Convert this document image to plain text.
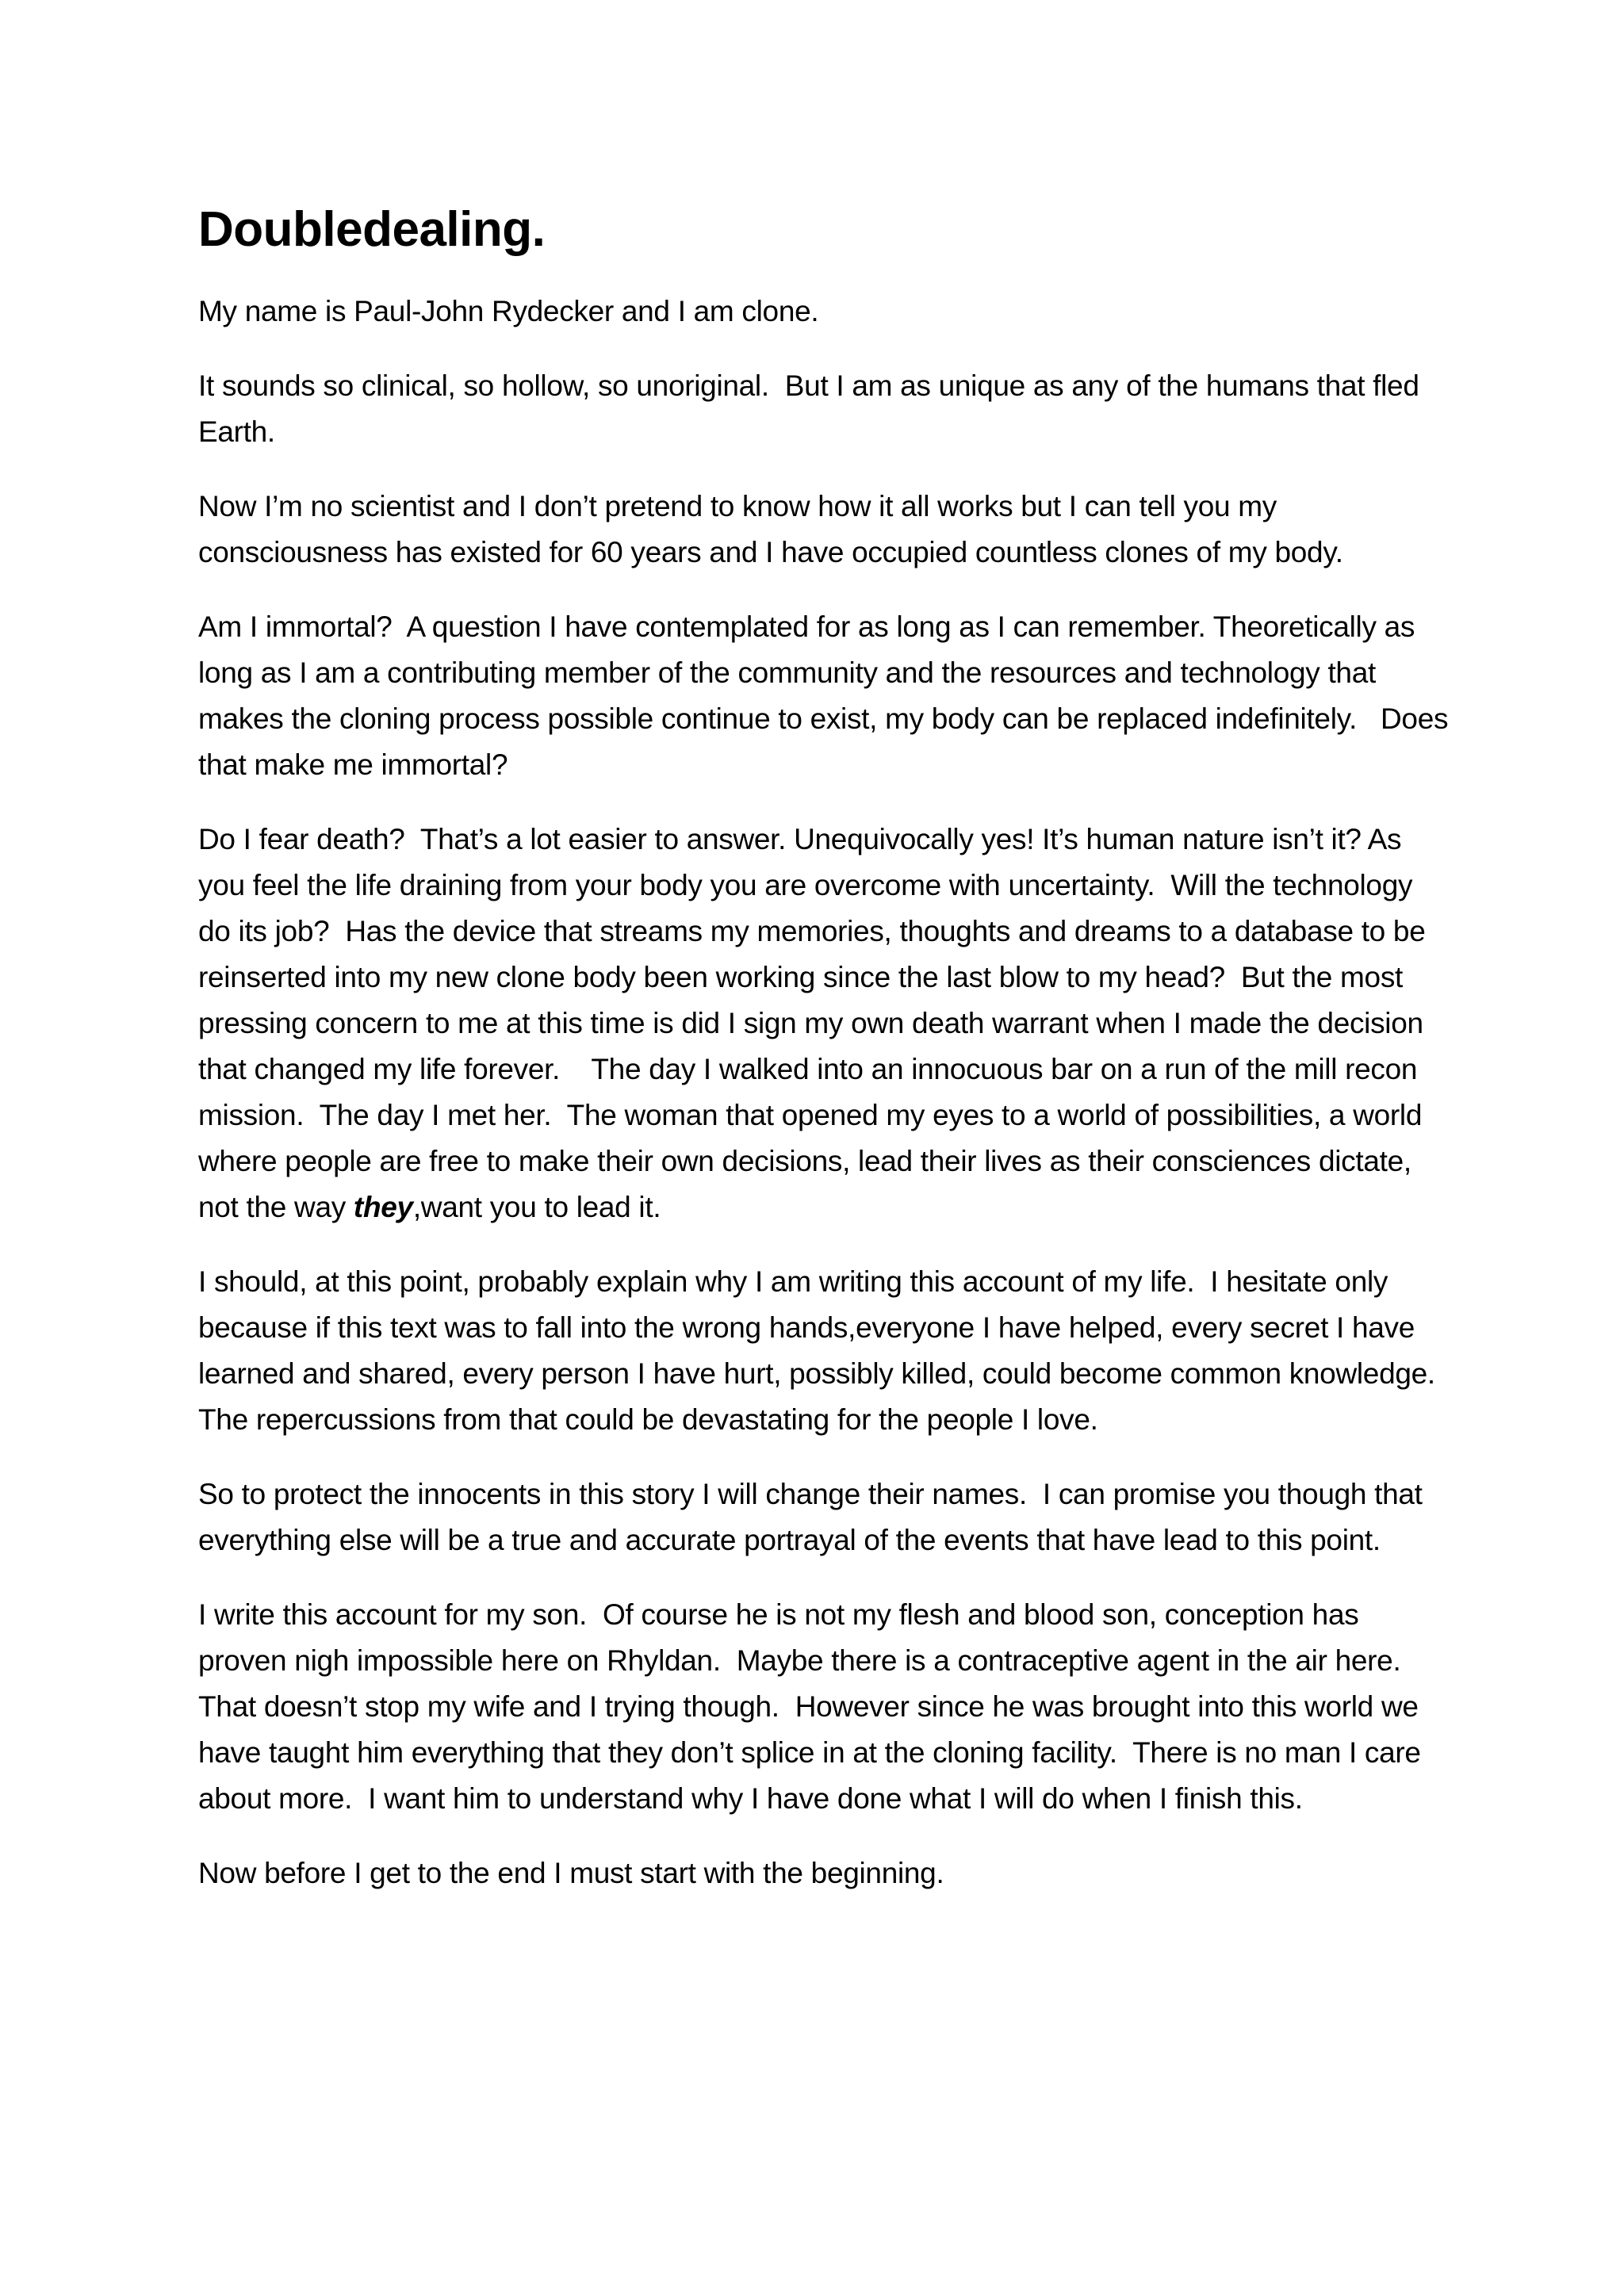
Doubledealing.

My name is Paul-John Rydecker and I am clone.

It sounds so clinical, so hollow, so unoriginal.  But I am as unique as any of the humans that fled Earth.

Now I’m no scientist and I don’t pretend to know how it all works but I can tell you my consciousness has existed for 60 years and I have occupied countless clones of my body.

Am I immortal?  A question I have contemplated for as long as I can remember. Theoretically as long as I am a contributing member of the community and the resources and technology that makes the cloning process possible continue to exist, my body can be replaced indefinitely.   Does that make me immortal?

Do I fear death?  That’s a lot easier to answer. Unequivocally yes! It’s human nature isn’t it? As you feel the life draining from your body you are overcome with uncertainty.  Will the technology do its job?  Has the device that streams my memories, thoughts and dreams to a database to be reinserted into my new clone body been working since the last blow to my head?  But the most pressing concern to me at this time is did I sign my own death warrant when I made the decision that changed my life forever.    The day I walked into an innocuous bar on a run of the mill recon mission.  The day I met her.  The woman that opened my eyes to a world of possibilities, a world where people are free to make their own decisions, lead their lives as their consciences dictate, not the way they,want you to lead it.

I should, at this point, probably explain why I am writing this account of my life.  I hesitate only because if this text was to fall into the wrong hands,everyone I have helped, every secret I have learned and shared, every person I have hurt, possibly killed, could become common knowledge.  The repercussions from that could be devastating for the people I love.

So to protect the innocents in this story I will change their names.  I can promise you though that everything else will be a true and accurate portrayal of the events that have lead to this point.

I write this account for my son.  Of course he is not my flesh and blood son, conception has proven nigh impossible here on Rhyldan.  Maybe there is a contraceptive agent in the air here. That doesn’t stop my wife and I trying though.  However since he was brought into this world we have taught him everything that they don’t splice in at the cloning facility.  There is no man I care about more.  I want him to understand why I have done what I will do when I finish this.

Now before I get to the end I must start with the beginning.
